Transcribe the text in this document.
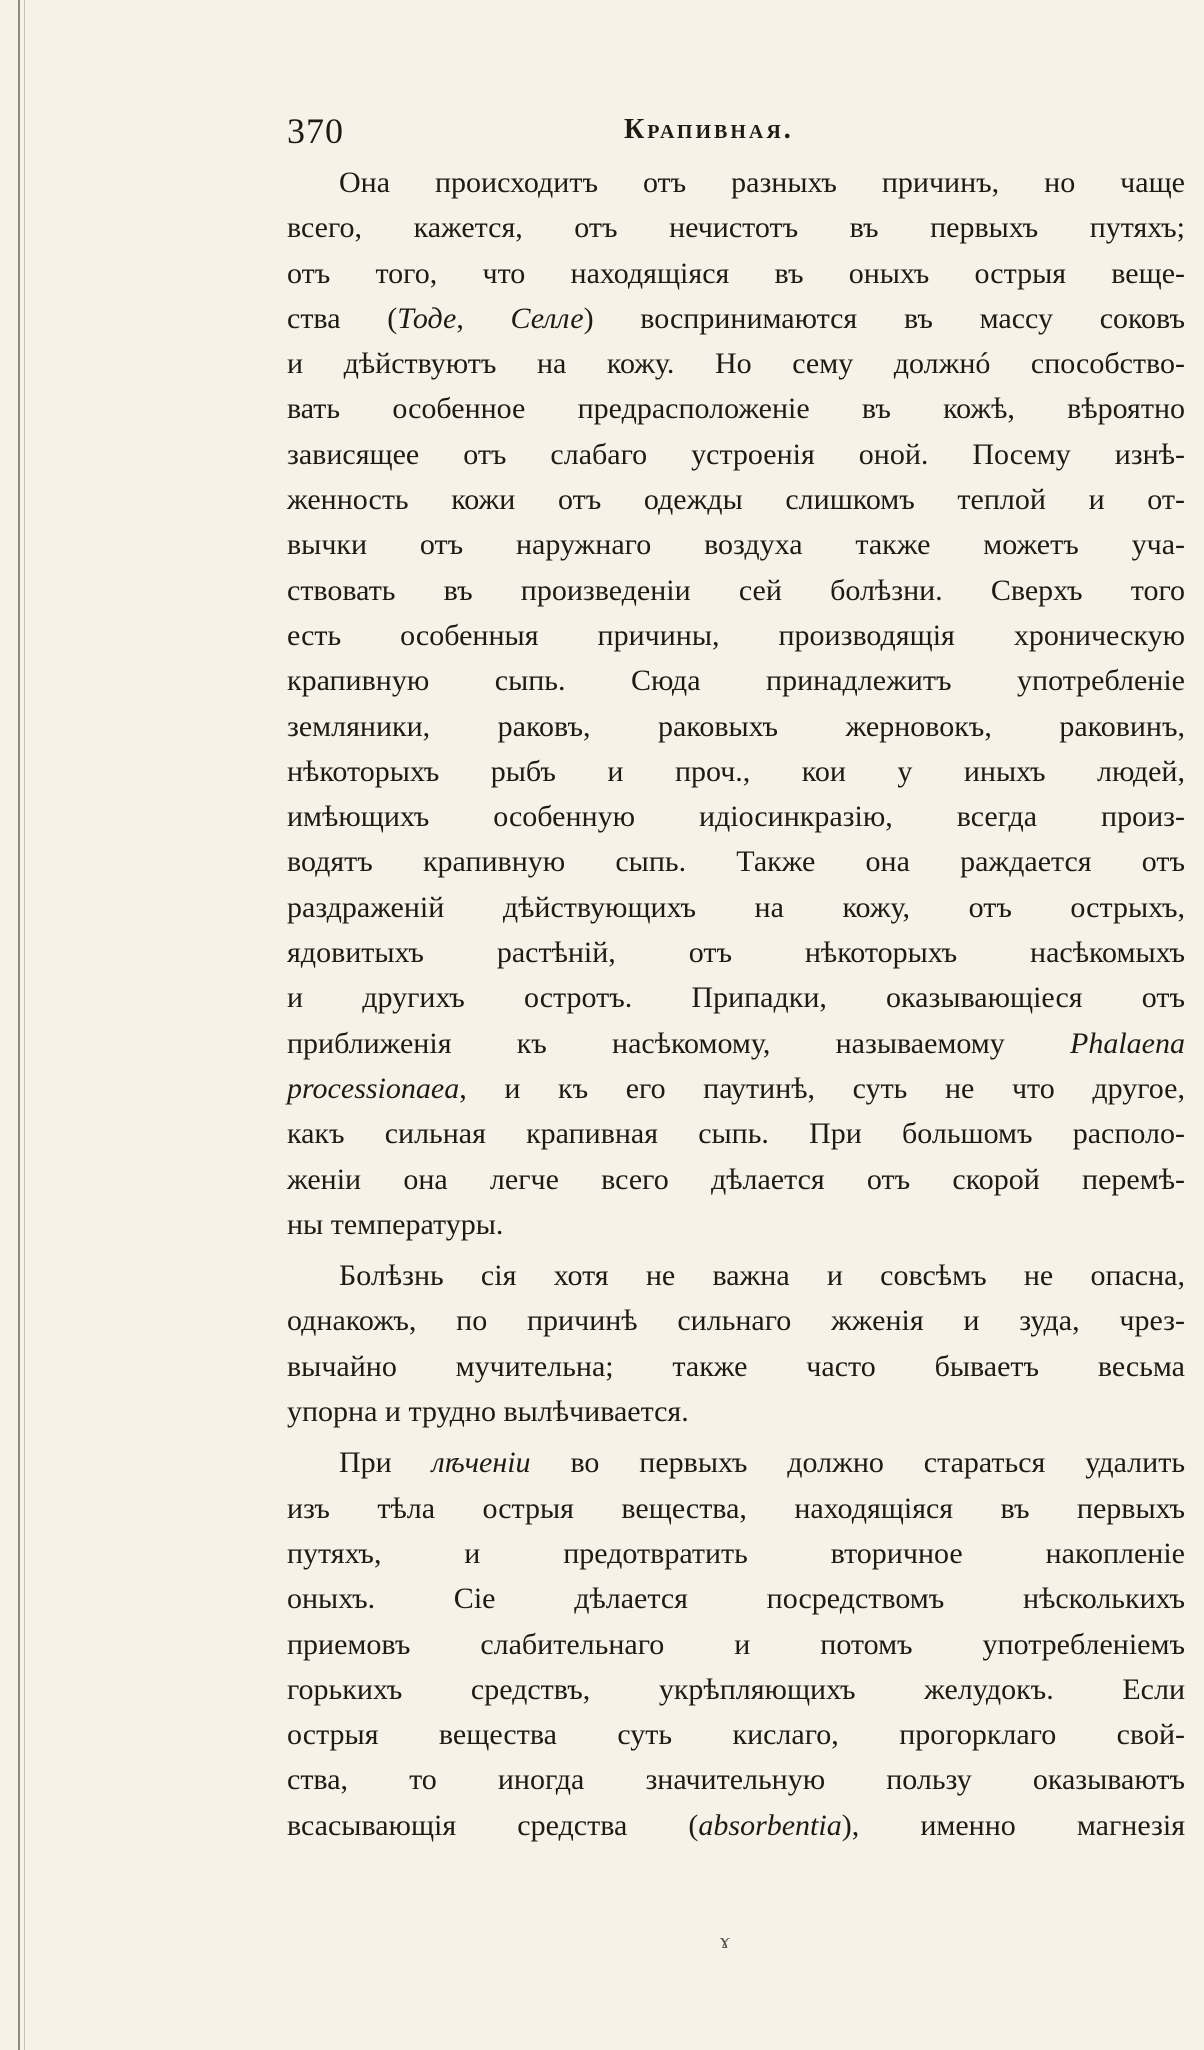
370	Крапивная.
Она происходитъ отъ разныхъ причинъ, но чаще
всего, кажется, отъ нечистотъ въ первыхъ путяхъ;
отъ того, что находящіяся въ оныхъ острыя веще-
ства (Тоде, Селле) воспринимаются въ массу соковъ
и дѣйствуютъ на кожу. Но сему должнó способство-
вать особенное предрасположеніе въ кожѣ, вѣроятно
зависящее отъ слабаго устроенія оной. Посему изнѣ-
женность кожи отъ одежды слишкомъ теплой и от-
вычки отъ наружнаго воздуха также можетъ уча-
ствовать въ произведеніи сей болѣзни. Сверхъ того
есть особенныя причины, производящія хроническую
крапивную сыпь. Сюда принадлежитъ употребленіе
земляники, раковъ, раковыхъ жерновокъ, раковинъ,
нѣкоторыхъ рыбъ и проч., кои у иныхъ людей,
имѣющихъ особенную идіосинкразію, всегда произ-
водятъ крапивную сыпь. Также она раждается отъ
раздраженій дѣйствующихъ на кожу, отъ острыхъ,
ядовитыхъ растѣній, отъ нѣкоторыхъ насѣкомыхъ
и другихъ остротъ. Припадки, оказывающіеся отъ
приближенія къ насѣкомому, называемому Phalaena
processionaea, и къ его паутинѣ, суть не что другое,
какъ сильная крапивная сыпь. При большомъ располо-
женіи она легче всего дѣлается отъ скорой перемѣ-
ны температуры.
Болѣзнь сія хотя не важна и совсѣмъ не опасна,
однакожъ, по причинѣ сильнаго жженія и зуда, чрез-
вычайно мучительна; также часто бываетъ весьма
упорна и трудно вылѣчивается.
При лѣченіи во первыхъ должно стараться удалить
изъ тѣла острыя вещества, находящіяся въ первыхъ
путяхъ, и предотвратить вторичное накопленіе
оныхъ. Сіе дѣлается посредствомъ нѣсколькихъ
приемовъ слабительнаго и потомъ употребленіемъ
горькихъ средствъ, укрѣпляющихъ желудокъ. Если
острыя вещества суть кислаго, прогорклаго свой-
ства, то иногда значительную пользу оказываютъ
всасывающія средства (absorbentia), именно магнезія
ɤ
